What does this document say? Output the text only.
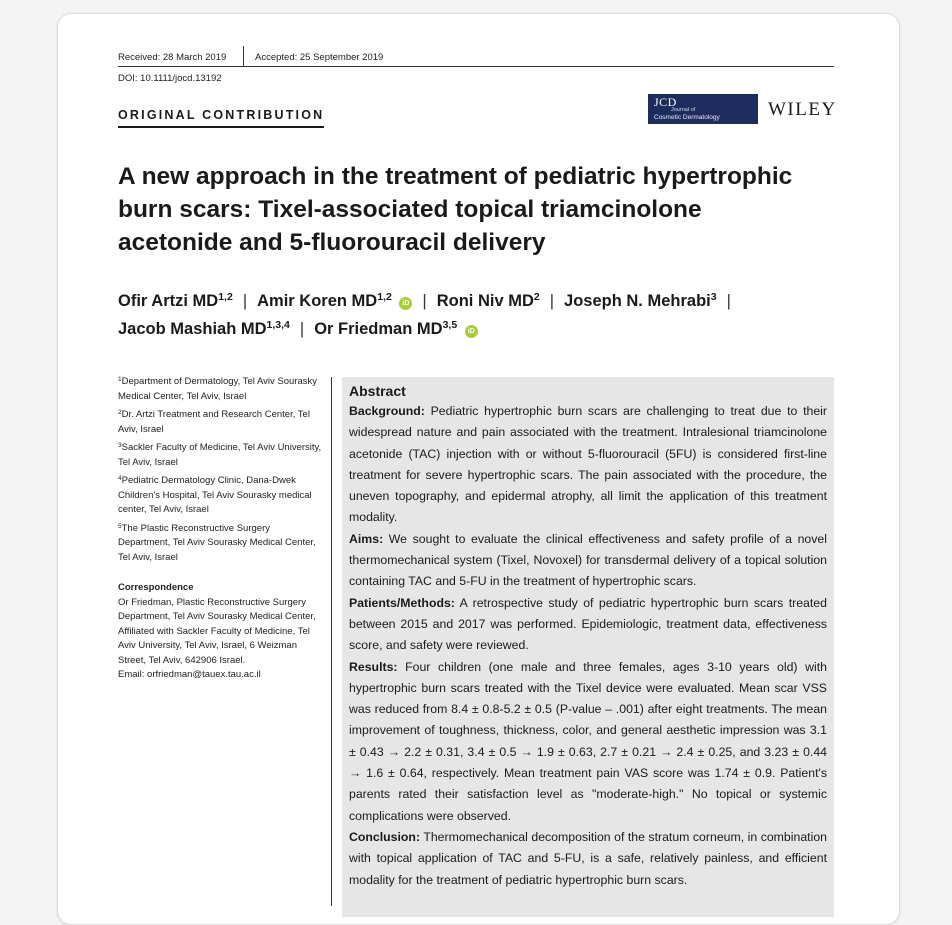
Received: 28 March 2019	Accepted: 25 September 2019
DOI: 10.1111/jocd.13192
ORIGINAL CONTRIBUTION
JCD
Journal of
Cosmetic Dermatology	WILEY
A new approach in the treatment of pediatric hypertrophic burn scars: Tixel-associated topical triamcinolone acetonide and 5-fluorouracil delivery
Ofir Artzi MD$^{1,2}$ | Amir Koren MD$^{1,2}$ iD | Roni Niv $MD^2$ | Joseph N. Mehrabi$^3$ |
Jacob Mashiah MD$^{1,3,4}$ | Or Friedman MD$^{3,5}$ iD
$^1$Department of Dermatology, Tel Aviv Sourasky Medical Center, Tel Aviv, Israel
$^2$Dr. Artzi Treatment and Research Center, Tel Aviv, Israel
$^3$Sackler Faculty of Medicine, Tel Aviv University, Tel Aviv, Israel
$^4$Pediatric Dermatology Clinic, Dana-Dwek Children's Hospital, Tel Aviv Sourasky medical center, Tel Aviv, Israel
$^5$The Plastic Reconstructive Surgery Department, Tel Aviv Sourasky Medical Center, Tel Aviv, Israel
Correspondence
Or Friedman, Plastic Reconstructive Surgery Department, Tel Aviv Sourasky Medical Center, Affiliated with Sackler Faculty of Medicine, Tel Aviv University, Tel Aviv, Israel, 6 Weizman Street, Tel Aviv, 642906 Israel.
Email: orfriedman@tauex.tau.ac.il
Abstract

Background: Pediatric hypertrophic burn scars are challenging to treat due to their widespread nature and pain associated with the treatment. Intralesional triamcinolone acetonide (TAC) injection with or without 5-fluorouracil (5FU) is considered first-line treatment for severe hypertrophic scars. The pain associated with the procedure, the uneven topography, and epidermal atrophy, all limit the application of this treatment modality.

Aims: We sought to evaluate the clinical effectiveness and safety profile of a novel thermomechanical system (Tixel, Novoxel) for transdermal delivery of a topical solution containing TAC and 5-FU in the treatment of hypertrophic scars.

Patients/Methods: A retrospective study of pediatric hypertrophic burn scars treated between 2015 and 2017 was performed. Epidemiologic, treatment data, effectiveness score, and safety were reviewed.

Results: Four children (one male and three females, ages 3-10 years old) with hypertrophic burn scars treated with the Tixel device were evaluated. Mean scar VSS was reduced from 8.4 ± 0.8-5.2 ± 0.5 (P-value – .001) after eight treatments. The mean improvement of toughness, thickness, color, and general aesthetic impression was 3.1 ± 0.43 → 2.2 ± 0.31, 3.4 ± 0.5 → 1.9 ± 0.63, 2.7 ± 0.21 → 2.4 ± 0.25, and 3.23 ± 0.44 → 1.6 ± 0.64, respectively. Mean treatment pain VAS score was 1.74 ± 0.9. Patient's parents rated their satisfaction level as "moderate-high." No topical or systemic complications were observed.

Conclusion: Thermomechanical decomposition of the stratum corneum, in combination with topical application of TAC and 5-FU, is a safe, relatively painless, and efficient modality for the treatment of pediatric hypertrophic burn scars.
